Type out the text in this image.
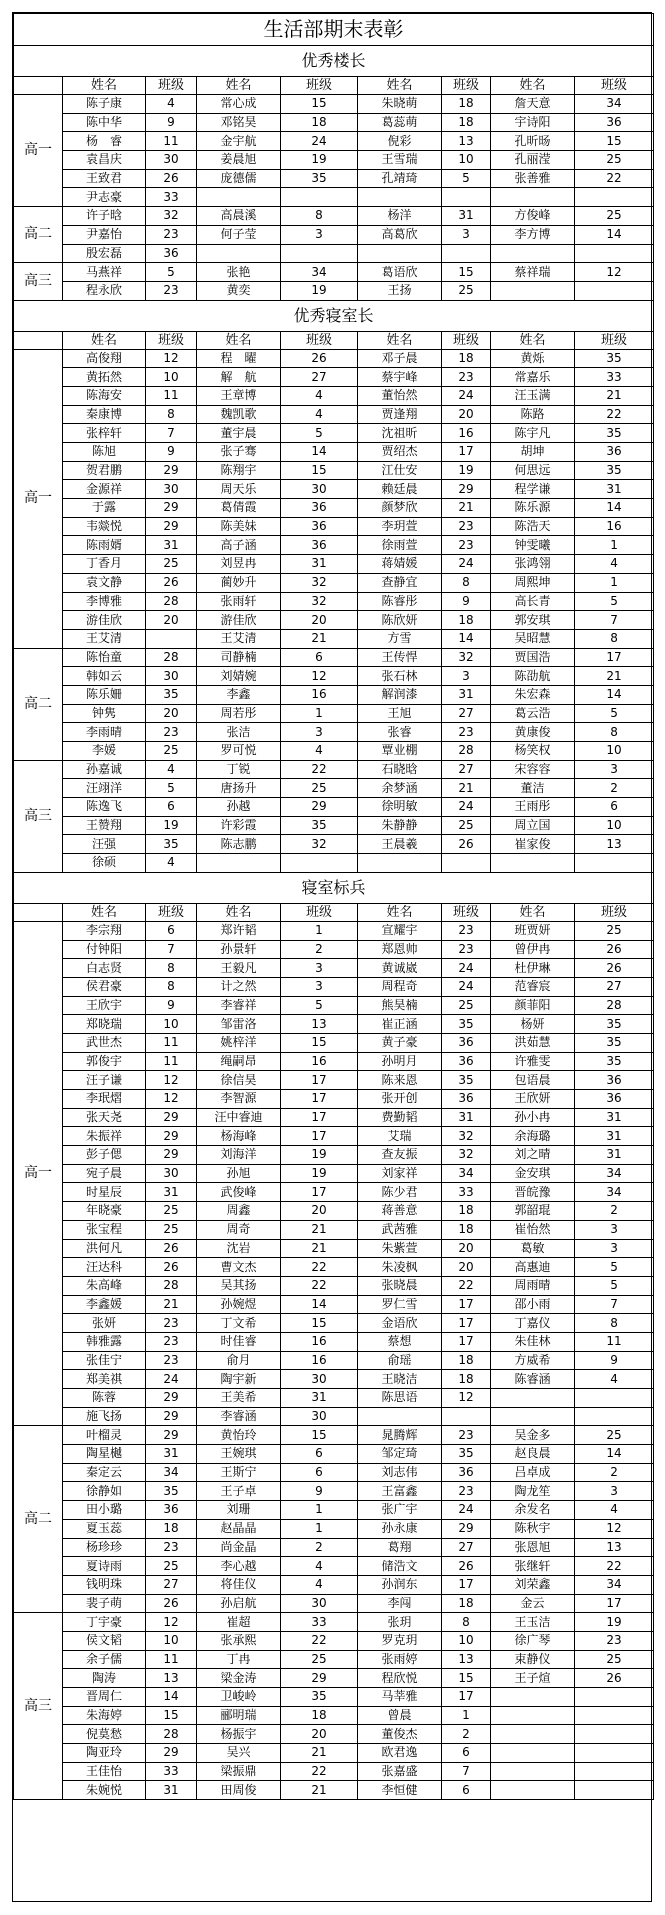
生活部期末表彰								
优秀楼长								
	姓名	班级	姓名	班级	姓名	班级	姓名	班级
高一	陈子康	4	常心成	15	朱晓萌	18	詹天意	34
	陈中华	9	邓铭昊	18	葛蕊萌	18	宇诗阳	36
	杨　睿	11	金宇航	24	倪彩	13	孔昕旸	15
	袁昌庆	30	姜晨旭	19	王雪瑞	10	孔丽滢	25
	王致君	26	庞德儒	35	孔靖琦	5	张善雅	22
	尹志豪	33						
高二	许子晗	32	高晨溪	8	杨洋	31	方俊峰	25
	尹嘉怡	23	何子莹	3	高葛欣	3	李方博	14
	殷宏磊	36						
高三	马燕祥	5	张艳	34	葛语欣	15	蔡祥瑞	12
	程永欣	23	黄奕	19	王扬	25		
优秀寝室长								
	姓名	班级	姓名	班级	姓名	班级	姓名	班级
高一	高俊翔	12	程　曜	26	邓子晨	18	黄烁	35
	黄拓然	10	解　航	27	蔡宇峰	23	常嘉乐	33
	陈海安	11	王章博	4	董怡然	24	汪玉满	21
	秦康博	8	魏凯歌	4	贾逢翔	20	陈路	22
	张梓轩	7	董宇晨	5	沈祖昕	16	陈宇凡	35
	陈旭	9	张子骞	14	贾绍杰	17	胡坤	36
	贺君鹏	29	陈翔宇	15	江仕安	19	何思远	35
	金源祥	30	周天乐	30	赖廷晨	29	程学谦	31
	于露	29	葛倩霞	36	颜梦欣	21	陈乐源	14
	韦燚悦	29	陈美妹	36	李玥萱	23	陈浩天	16
	陈雨婿	31	高子涵	36	徐雨萱	23	钟雯曦	1
	丁香月	25	刘昱冉	31	蒋婧媛	24	张鸿翎	4
	袁文静	26	蔺妙升	32	查静宜	8	周熙坤	1
	李博雅	28	张雨轩	32	陈睿彤	9	高长青	5
	游佳欣	20	游佳欣	20	陈欣妍	18	郭安琪	7
	王艾清		王艾清	21	方雪	14	吴昭慧	8
高二	陈怡童	28	司静楠	6	王传悍	32	贾国浩	17
	韩如云	30	刘婧婉	12	张石林	3	陈劭航	21
	陈乐姍	35	李鑫	16	解润漆	31	朱宏森	14
	钟隽	20	周若彤	1	王旭	27	葛云浩	5
	李雨晴	23	张洁	3	张睿	23	黄康俊	8
	李媛	25	罗可悦	4	覃业棚	28	杨笑权	10
高三	孙嘉诚	4	丁锐	22	石晓晗	27	宋容容	3
	汪翊洋	5	唐扬升	25	余梦涵	21	董洁	2
	陈逸飞	6	孙越	29	徐明敏	24	王雨彤	6
	王赞翔	19	许彩霞	35	朱静静	25	周立国	10
	汪强	35	陈志鹏	32	王晨羲	26	崔家俊	13
	徐硕	4						
寝室标兵								
	姓名	班级	姓名	班级	姓名	班级	姓名	班级
高一	李宗翔	6	郑许韬	1	宣耀宇	23	班贾妍	25
	付钟阳	7	孙景轩	2	郑恩帅	23	曾伊冉	26
	白志贤	8	王毅凡	3	黄诚崴	24	杜伊琳	26
	侯君豪	8	计之然	3	周程奇	24	范睿宸	27
	王欣宇	9	李睿祥	5	熊昊楠	25	颜菲阳	28
	郑晓瑞	10	邹雷洛	13	崔正涵	35	杨妍	35
	武世杰	11	姚梓洋	15	黄子豪	36	洪茹慧	35
	郭俊宇	11	绳嗣昂	16	孙明月	36	许雅雯	35
	汪子谦	12	徐信昊	17	陈来恩	35	包语晨	36
	李珉熠	12	李智源	17	张开创	36	王欣妍	36
	张天尧	29	汪中睿迪	17	费勤韬	31	孙小冉	31
	朱振祥	29	杨海峰	17	艾瑞	32	余海璐	31
	彭子偲	29	刘海洋	19	查友振	32	刘之晴	31
	宛子晨	30	孙旭	19	刘家祥	34	金安琪	34
	时星辰	31	武俊峰	17	陈少君	33	晋皖豫	34
	年晓豪	25	周鑫	20	蒋善意	18	郭韶琨	2
	张宝程	25	周奇	21	武茜雅	18	崔怡然	3
	洪何凡	26	沈岩	21	朱紫萱	20	葛敏	3
	汪达科	26	曹文杰	22	朱凌枫	20	高惠迪	5
	朱高峰	28	吴其扬	22	张晓晨	22	周雨晴	5
	李鑫媛	21	孙婉煜	14	罗仁雪	17	邵小雨	7
	张妍	23	丁文希	15	金语欣	17	丁嘉仪	8
	韩雅露	23	时佳睿	16	蔡想	17	朱佳林	11
	张佳宁	23	俞月	16	俞瑶	18	方威希	9
	郑美祺	24	陶宇新	30	王晓洁	18	陈睿涵	4
	陈蓉	29	王美希	31	陈思语	12		
	施飞扬	29	李睿涵	30				
高二	叶榴灵	29	黄怡玲	15	晁腾辉	23	吴金多	25
	陶星樾	31	王婉琪	6	邹定琦	35	赵良晨	14
	秦定云	34	王斯宁	6	刘志伟	36	吕卓成	2
	徐静如	35	王子卓	9	王富鑫	23	陶龙笙	3
	田小璐	36	刘珊	1	张广宇	24	余发名	4
	夏玉蕊	18	赵晶晶	1	孙永康	29	陈秋宇	12
	杨珍珍	23	尚金晶	2	葛翔	27	张恩旭	13
	夏诗雨	25	李心越	4	储浩文	26	张继轩	22
	钱明珠	27	将佳仪	4	孙润东	17	刘荣鑫	34
	裴子萌	26	孙启航	30	李闯	18	金云	17
高三	丁宇豪	12	崔超	33	张玥	8	王玉洁	19
	侯文韬	10	张承熙	22	罗克玥	10	徐广琴	23
	余子儒	11	丁冉	25	张雨婷	13	束静仪	25
	陶涛	13	梁金涛	29	程欣悦	15	王子煊	26
	晋周仁	14	卫峻岭	35	马莘雅	17		
	朱海婷	15	郦明瑞	18	曾晨	1		
	倪莫愁	28	杨振宇	20	董俊杰	2		
	陶亚玲	29	吴兴	21	欧君逸	6		
	王佳怡	33	梁振鼎	22	张嘉盛	7		
	朱婉悦	31	田周俊	21	李恒健	6		
